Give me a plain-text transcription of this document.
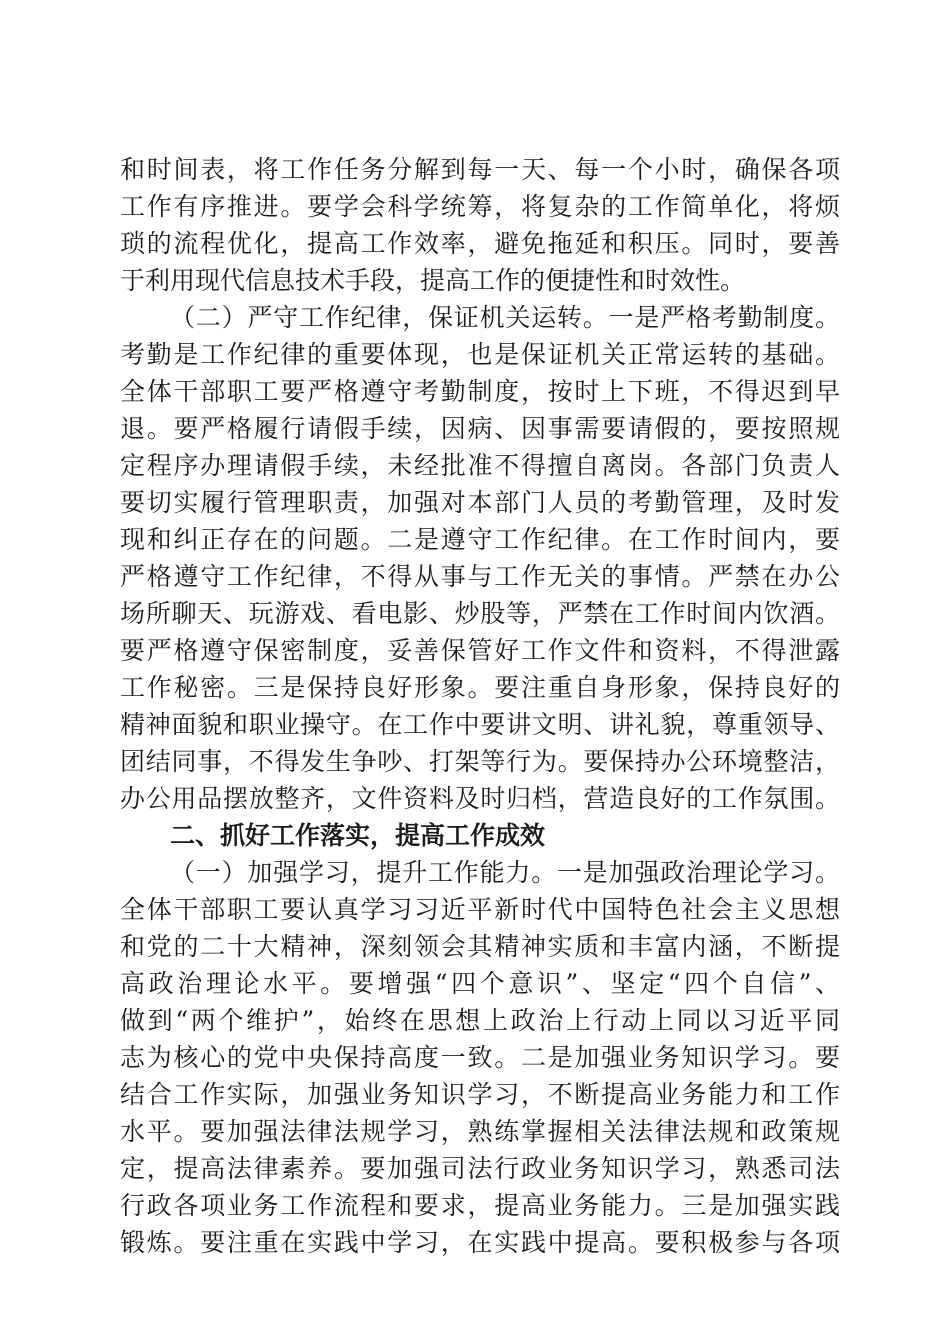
和时间表，将工作任务分解到每一天、每一个小时，确保各项
工作有序推进。要学会科学统筹，将复杂的工作简单化，将烦
琐的流程优化，提高工作效率，避免拖延和积压。同时，要善
于利用现代信息技术手段，提高工作的便捷性和时效性。
（二）严守工作纪律，保证机关运转。一是严格考勤制度。
考勤是工作纪律的重要体现，也是保证机关正常运转的基础。
全体干部职工要严格遵守考勤制度，按时上下班，不得迟到早
退。要严格履行请假手续，因病、因事需要请假的，要按照规
定程序办理请假手续，未经批准不得擅自离岗。各部门负责人
要切实履行管理职责，加强对本部门人员的考勤管理，及时发
现和纠正存在的问题。二是遵守工作纪律。在工作时间内，要
严格遵守工作纪律，不得从事与工作无关的事情。严禁在办公
场所聊天、玩游戏、看电影、炒股等，严禁在工作时间内饮酒。
要严格遵守保密制度，妥善保管好工作文件和资料，不得泄露
工作秘密。三是保持良好形象。要注重自身形象，保持良好的
精神面貌和职业操守。在工作中要讲文明、讲礼貌，尊重领导、
团结同事，不得发生争吵、打架等行为。要保持办公环境整洁，
办公用品摆放整齐，文件资料及时归档，营造良好的工作氛围。
二、抓好工作落实，提高工作成效
（一）加强学习，提升工作能力。一是加强政治理论学习。
全体干部职工要认真学习习近平新时代中国特色社会主义思想
和党的二十大精神，深刻领会其精神实质和丰富内涵，不断提
高政治理论水平。要增强“四个意识”、坚定“四个自信”、
做到“两个维护”，始终在思想上政治上行动上同以习近平同
志为核心的党中央保持高度一致。二是加强业务知识学习。要
结合工作实际，加强业务知识学习，不断提高业务能力和工作
水平。要加强法律法规学习，熟练掌握相关法律法规和政策规
定，提高法律素养。要加强司法行政业务知识学习，熟悉司法
行政各项业务工作流程和要求，提高业务能力。三是加强实践
锻炼。要注重在实践中学习，在实践中提高。要积极参与各项
